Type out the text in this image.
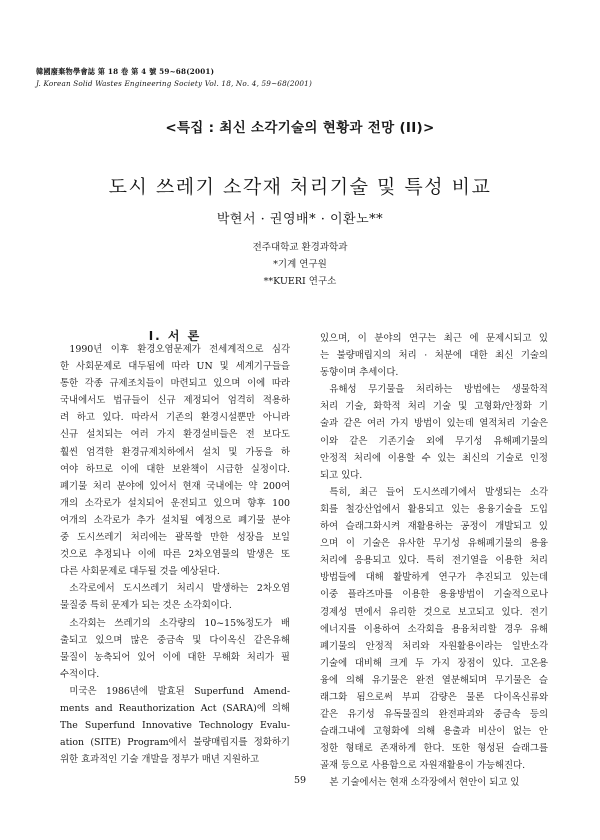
韓國廢棄物學會誌 第 18 卷 第 4 號 59~68(2001)
J. Korean Solid Wastes Engineering Society Vol. 18, No. 4, 59~68(2001)
<특집 : 최신 소각기술의 현황과 전망 (II)>
도시 쓰레기 소각재 처리기술 및 특성 비교
박현서 · 권영배* · 이환노**
전주대학교 환경과학과
*기계 연구원
**KUERI 연구소
I. 서 론

1990년 이후 환경오염문제가 전세계적으로 심각
한 사회문제로 대두됨에 따라 UN 및 세계기구들을
통한 각종 규제조치들이 마련되고 있으며 이에 따라
국내에서도 법규들이 신규 제정되어 엄격히 적용하
려 하고 있다. 따라서 기존의 환경시설뿐만 아니라
신규 설치되는 여러 가지 환경설비들은 전 보다도
훨씬 엄격한 환경규제치하에서 설치 및 가동을 하
여야 하므로 이에 대한 보완책이 시급한 실정이다.
폐기물 처리 분야에 있어서 현재 국내에는 약 200여
개의 소각로가 설치되어 운전되고 있으며 향후 100
여개의 소각로가 추가 설치될 예정으로 폐기물 분야
중 도시쓰레기 처리에는 괄목할 만한 성장을 보일
것으로 추정되나 이에 따른 2차오염물의 발생은 또
다른 사회문제로 대두될 것을 예상된다.

소각로에서 도시쓰레기 처리시 발생하는 2차오염
물질중 특히 문제가 되는 것은 소각회이다.

소각회는 쓰레기의 소각량의 10~15%정도가 배
출되고 있으며 많은 중금속 및 다이옥신 같은유해
물질이 농축되어 있어 이에 대한 무해화 처리가 필
수적이다.

미국은 1986년에 발효된 Superfund Amend-
ments and Reauthorization Act (SARA)에 의해
The Superfund Innovative Technology Evalu-
ation (SITE) Program에서 불량매립지를 정화하기
위한 효과적인 기술 개발을 정부가 매년 지원하고

있으며, 이 분야의 연구는 최근 에 문제시되고 있
는 불량매립지의 처리 · 처분에 대한 최신 기술의
동향이며 추세이다.

유해성 무기물을 처리하는 방법에는 생물학적
처리 기술, 화학적 처리 기술 및 고형화/안정화 기
술과 같은 여러 가지 방법이 있는데 열적처리 기술은
이와 같은 기존기술 외에 무기성 유해폐기물의
안정적 처리에 이용할 수 있는 최신의 기술로 인정
되고 있다.

특히, 최근 들어 도시쓰레기에서 발생되는 소각
회를 철강산업에서 활용되고 있는 용융기술을 도입
하여 슬래그화시켜 재활용하는 공정이 개발되고 있
으며 이 기술은 유사한 무기성 유해폐기물의 용융
처리에 응용되고 있다. 특히 전기열을 이용한 처리
방법들에 대해 활발하게 연구가 추진되고 있는데
이중 플라즈마를 이용한 용융방법이 기술적으로나
경제성 면에서 유리한 것으로 보고되고 있다. 전기
에너지를 이용하여 소각회을 용융처리할 경우 유해
폐기물의 안정적 처리와 자원활용이라는 일반소각
기술에 대비해 크게 두 가지 장점이 있다. 고온용
융에 의해 유기물은 완전 열분해되며 무기물은 슬
래그화 됨으로써 부피 감량은 물론 다이옥신류와
같은 유기성 유독물질의 완전파괴와 중금속 등의
슬래그내에 고형화에 의해 용출과 비산이 없는 안
정한 형태로 존재하게 한다. 또한 형성된 슬래그를
골재 등으로 사용함으로 자원재활용이 가능해진다.

본 기술에서는 현재 소각장에서 현안이 되고 있

59
